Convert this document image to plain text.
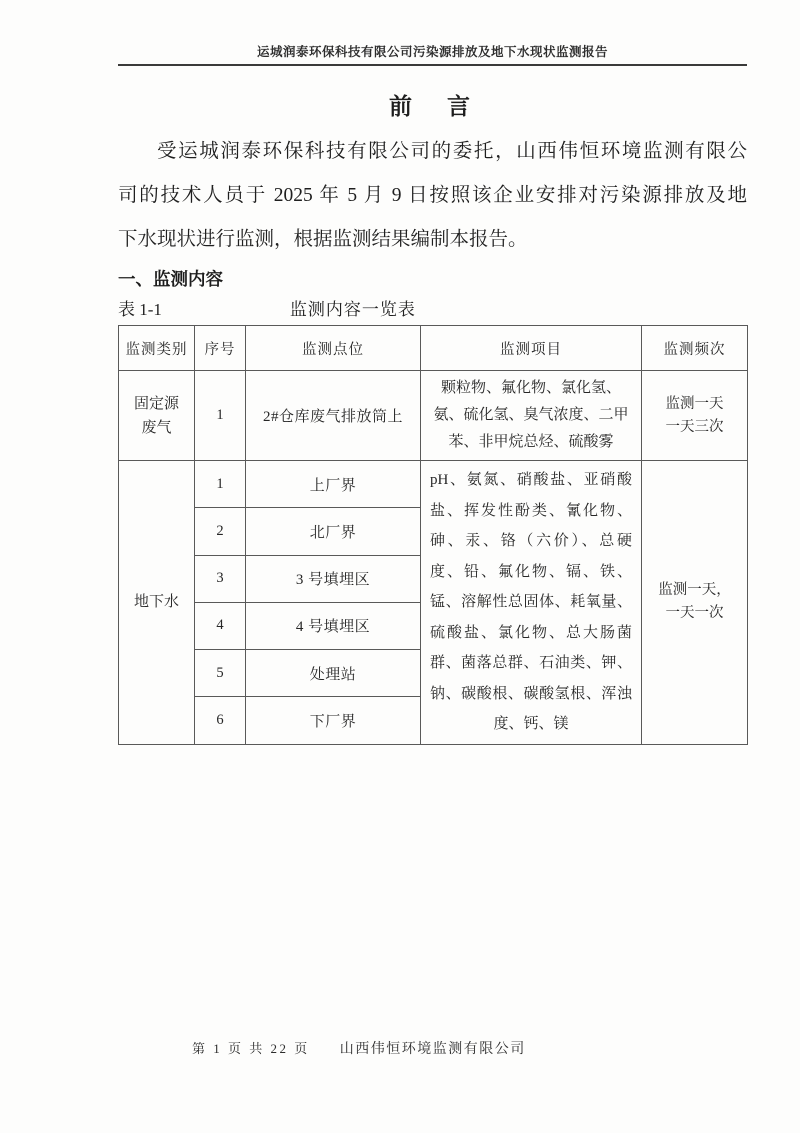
运城润泰环保科技有限公司污染源排放及地下水现状监测报告
前　言
受运城润泰环保科技有限公司的委托，山西伟恒环境监测有限公
司的技术人员于 2025 年 5 月 9 日按照该企业安排对污染源排放及地
下水现状进行监测，根据监测结果编制本报告。
一、监测内容
表 1-1	监测内容一览表
监测类别	序号	监测点位	监测项目	监测频次
固定源废气	1	2#仓库废气排放筒上	颗粒物、氟化物、氯化氢、氨、硫化氢、臭气浓度、二甲苯、非甲烷总烃、硫酸雾	监测一天
一天三次

地下水	1	上厂界	pH、氨氮、硝酸盐、亚硝酸盐、挥发性酚类、氰化物、砷、汞、铬（六价）、总硬度、铅、氟化物、镉、铁、锰、溶解性总固体、耗氧量、硫酸盐、氯化物、总大肠菌群、菌落总群、石油类、钾、钠、碳酸根、碳酸氢根、浑浊度、钙、镁	监测一天，
一天一次

	2	北厂界		
	3	3 号填埋区		
	4	4 号填埋区		
	5	处理站		
	6	下厂界		
第 1 页 共 22 页 山西伟恒环境监测有限公司
